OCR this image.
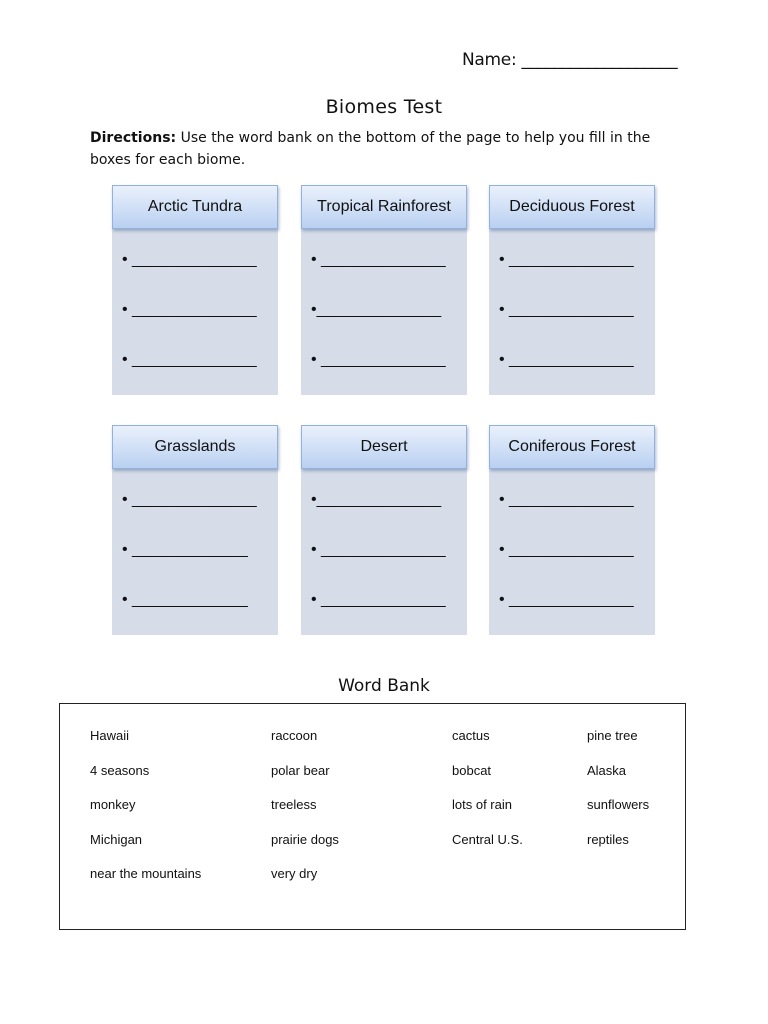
Name: ___________________
Biomes Test
Directions: Use the word bank on the bottom of the page to help you fill in the boxes for each biome.
Arctic Tundra
• ______________
• ______________
• ______________
Tropical Rainforest
• ______________
•______________
• ______________
Deciduous Forest
• ______________
• ______________
• ______________
Grasslands
• ______________
• _____________
• _____________
Desert
•______________
• ______________
• ______________
Coniferous Forest
• ______________
• ______________
• ______________
Word Bank
Hawaii
4 seasons
monkey
Michigan
near the mountains
raccoon
polar bear
treeless
prairie dogs
very dry
cactus
bobcat
lots of rain
Central U.S.
pine tree
Alaska
sunflowers
reptiles
